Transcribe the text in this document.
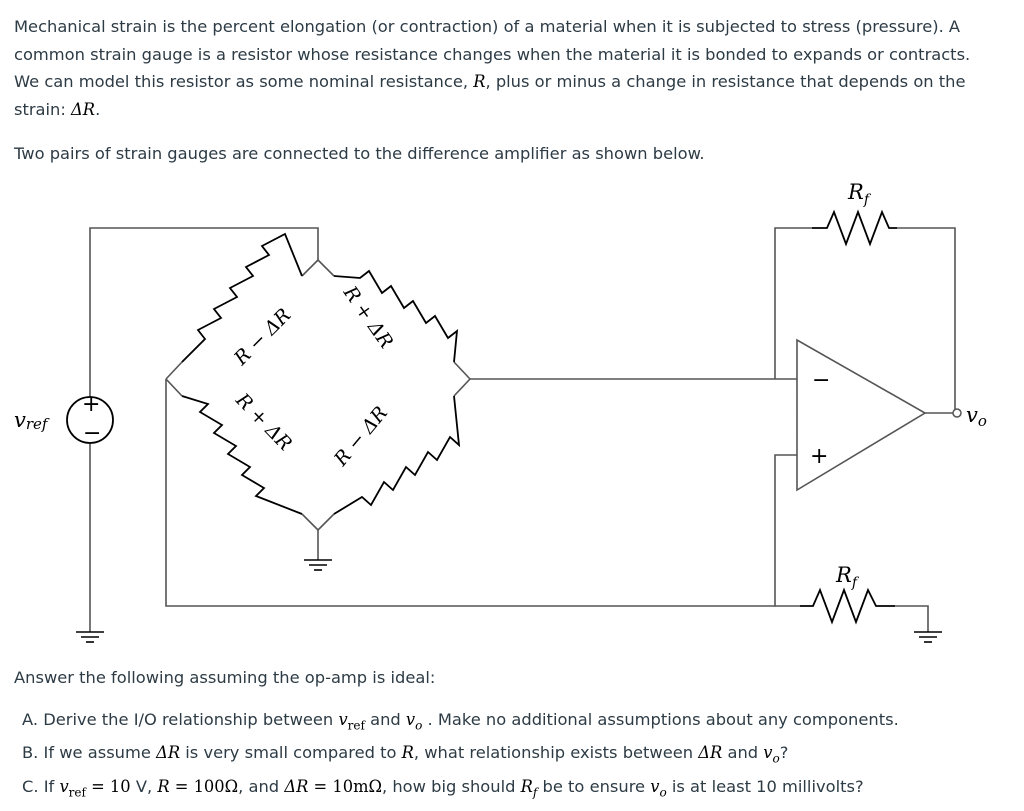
Mechanical strain is the percent elongation (or contraction) of a material when it is subjected to stress (pressure). A common strain gauge is a resistor whose resistance changes when the material it is bonded to expands or contracts. We can model this resistor as some nominal resistance, R, plus or minus a change in resistance that depends on the strain: ΔR.

Two pairs of strain gauges are connected to the difference amplifier as shown below.

−
+
+
−
$R_f$
$R_f$
vref	vo
R − ΔR R + ΔR
R + ΔR R − ΔR

Answer the following assuming the op-amp is ideal:

A. Derive the I/O relationship between $v_{ref}$ and $v_o$ . Make no additional assumptions about any components.
B. If we assume ΔR is very small compared to R, what relationship exists between ΔR and $v_o$?
C. If $v_{ref} = 10$ V, R = 100Ω, and ΔR = 10mΩ, how big should $R_f$ be to ensure $v_o$ is at least 10 millivolts?
